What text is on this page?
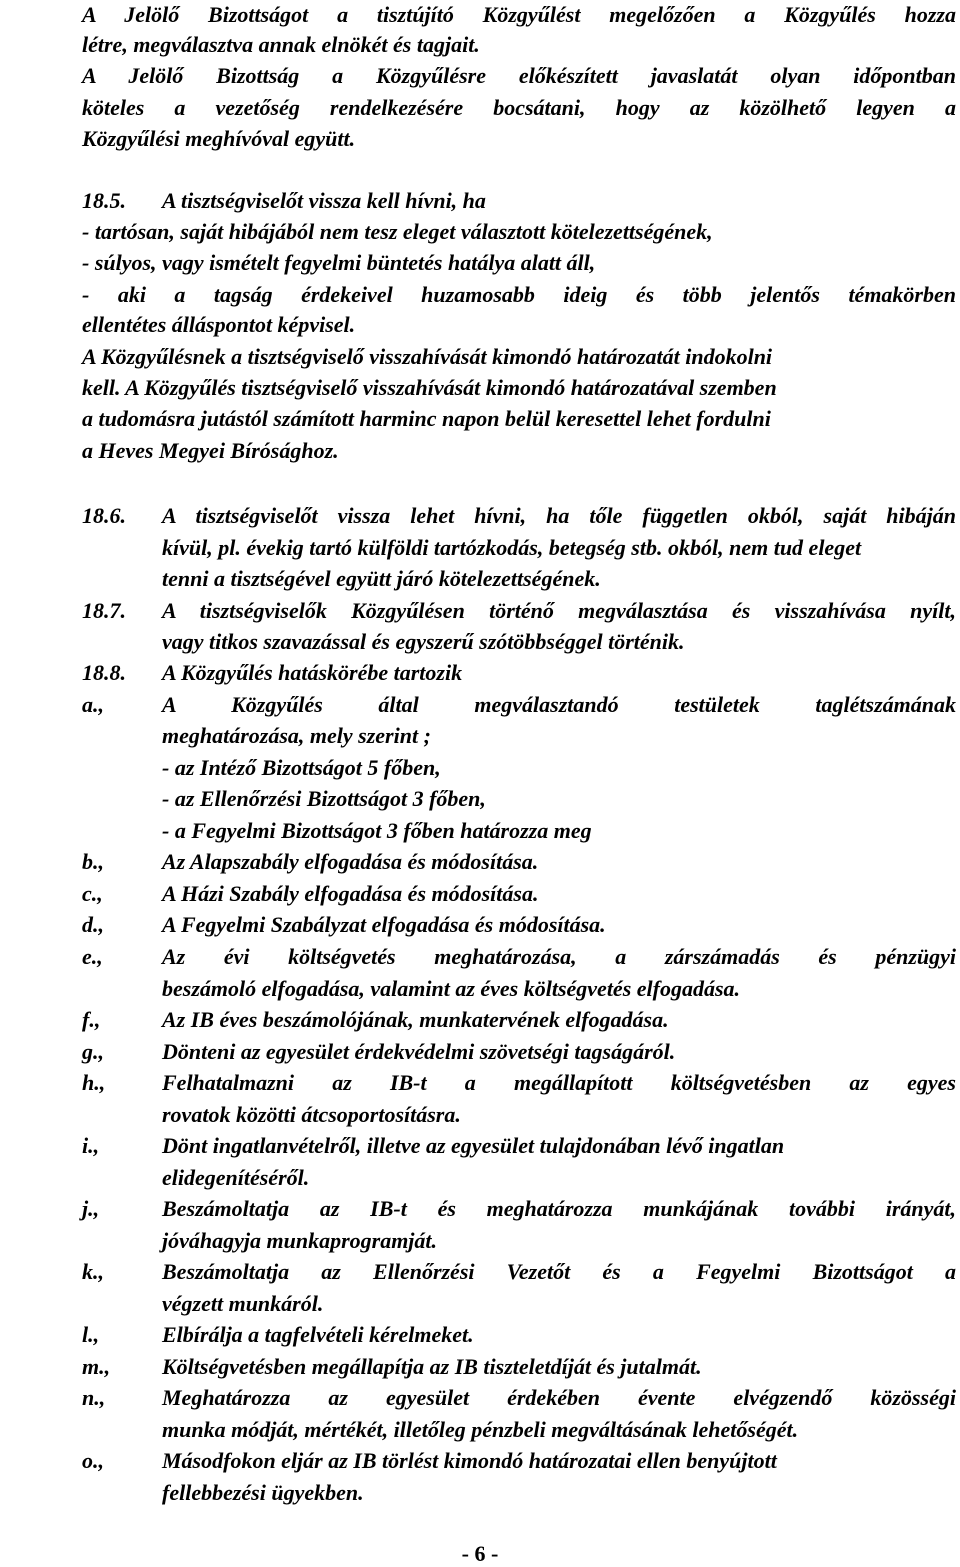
A Jelölő Bizottságot a tisztújító Közgyűlést megelőzően a Közgyűlés hozza
létre, megválasztva annak elnökét és tagjait.
A Jelölő Bizottság a Közgyűlésre előkészített javaslatát olyan időpontban
köteles a vezetőség rendelkezésére bocsátani, hogy az közölhető legyen a
Közgyűlési meghívóval együtt.
18.5. A tisztségviselőt vissza kell hívni, ha
- tartósan, saját hibájából nem tesz eleget választott kötelezettségének,
- súlyos, vagy ismételt fegyelmi büntetés hatálya alatt áll,
- aki a tagság érdekeivel huzamosabb ideig és több jelentős témakörben
ellentétes álláspontot képvisel.
A Közgyűlésnek a tisztségviselő visszahívását kimondó határozatát indokolni
kell. A Közgyűlés tisztségviselő visszahívását kimondó határozatával szemben
a tudomásra jutástól számított harminc napon belül keresettel lehet fordulni
a Heves Megyei Bírósághoz.
18.6. A tisztségviselőt vissza lehet hívni, ha tőle független okból, saját hibáján
kívül, pl. évekig tartó külföldi tartózkodás, betegség stb. okból, nem tud eleget
tenni a tisztségével együtt járó kötelezettségének.
18.7. A tisztségviselők Közgyűlésen történő megválasztása és visszahívása nyílt,
vagy titkos szavazással és egyszerű szótöbbséggel történik.
18.8. A Közgyűlés hatáskörébe tartozik
a.,	A Közgyűlés által megválasztandó testületek taglétszámának
meghatározása, mely szerint ;
- az Intéző Bizottságot 5 főben,
- az Ellenőrzési Bizottságot 3 főben,
- a Fegyelmi Bizottságot 3 főben határozza meg
b.,	Az Alapszabály elfogadása és módosítása.
c.,	A Házi Szabály elfogadása és módosítása.
d.,	A Fegyelmi Szabályzat elfogadása és módosítása.
e.,	Az évi költségvetés meghatározása, a zárszámadás és pénzügyi
beszámoló elfogadása, valamint az éves költségvetés elfogadása.
f.,	Az IB éves beszámolójának, munkatervének elfogadása.
g.,	Dönteni az egyesület érdekvédelmi szövetségi tagságáról.
h.,	Felhatalmazni az IB-t a megállapított költségvetésben az egyes
rovatok közötti átcsoportosításra.
i.,	Dönt ingatlanvételről, illetve az egyesület tulajdonában lévő ingatlan
elidegenítéséről.
j.,	Beszámoltatja az IB-t és meghatározza munkájának további irányát,
jóváhagyja munkaprogramját.
k.,	Beszámoltatja az Ellenőrzési Vezetőt és a Fegyelmi Bizottságot a
végzett munkáról.
l.,	Elbírálja a tagfelvételi kérelmeket.
m., Költségvetésben megállapítja az IB tiszteletdíját és jutalmát.
n.,	Meghatározza az egyesület érdekében évente elvégzendő közösségi
munka módját, mértékét, illetőleg pénzbeli megváltásának lehetőségét.
o.,	Másodfokon eljár az IB törlést kimondó határozatai ellen benyújtott
fellebbezési ügyekben.
- 6 -
